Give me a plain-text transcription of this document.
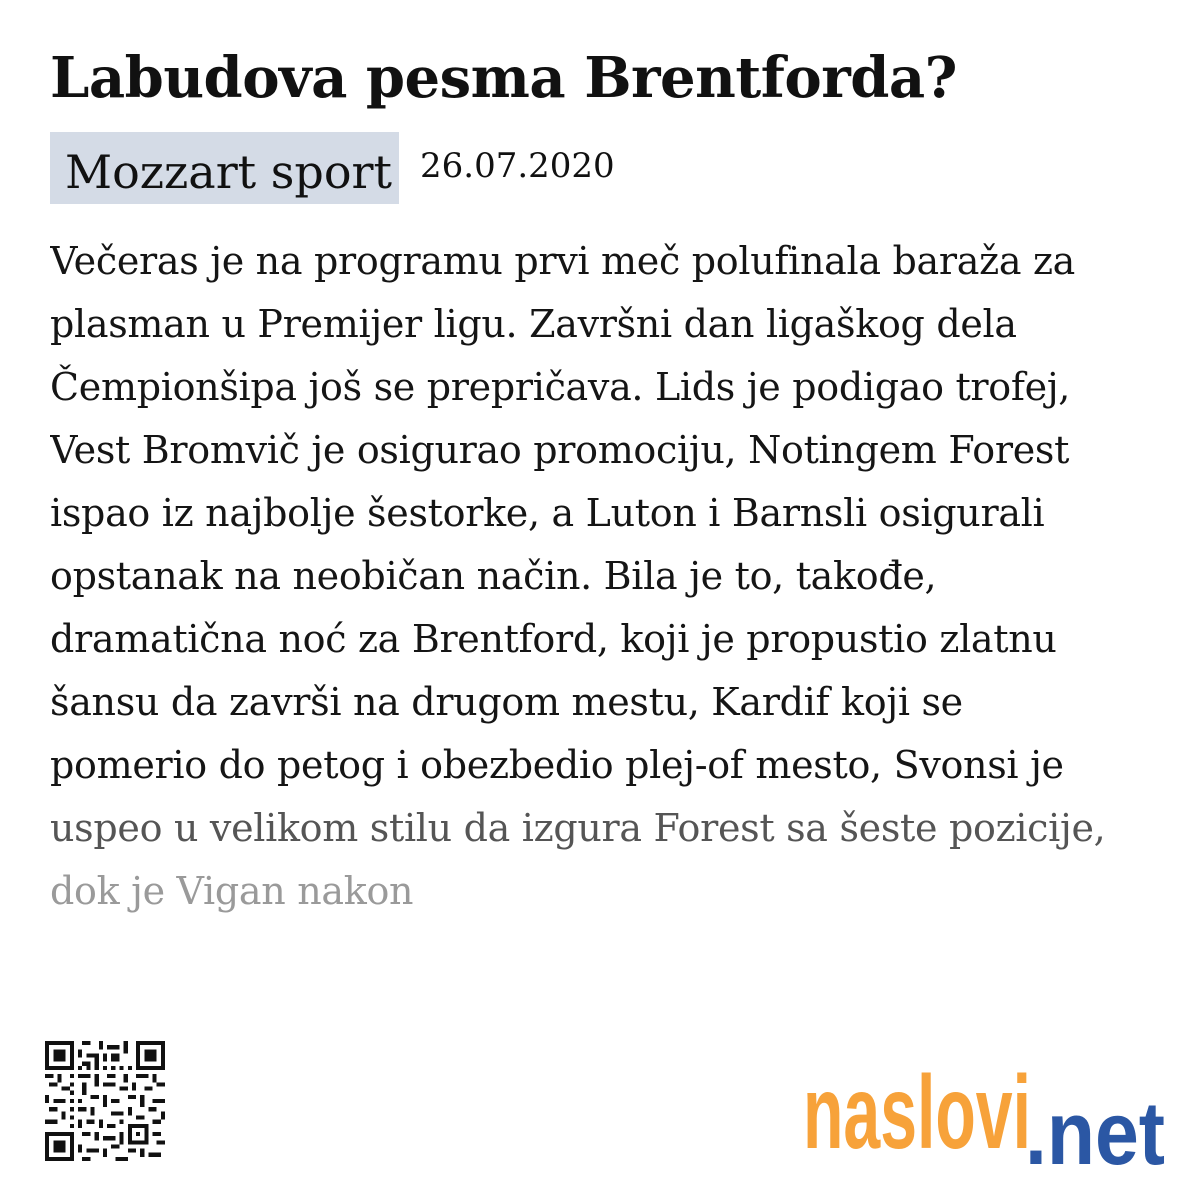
Labudova pesma Brentforda?
Mozzart sport 26.07.2020
Večeras je na programu prvi meč polufinala baraža za
plasman u Premijer ligu. Završni dan ligaškog dela
Čempionšipa još se prepričava. Lids je podigao trofej,
Vest Bromvič je osigurao promociju, Notingem Forest
ispao iz najbolje šestorke, a Luton i Barnsli osigurali
opstanak na neobičan način. Bila je to, takođe,
dramatična noć za Brentford, koji je propustio zlatnu
šansu da završi na drugom mestu, Kardif koji se
pomerio do petog i obezbedio plej-of mesto, Svonsi je
uspeo u velikom stilu da izgura Forest sa šeste pozicije,
dok je Vigan nakon
naslovi
.net
